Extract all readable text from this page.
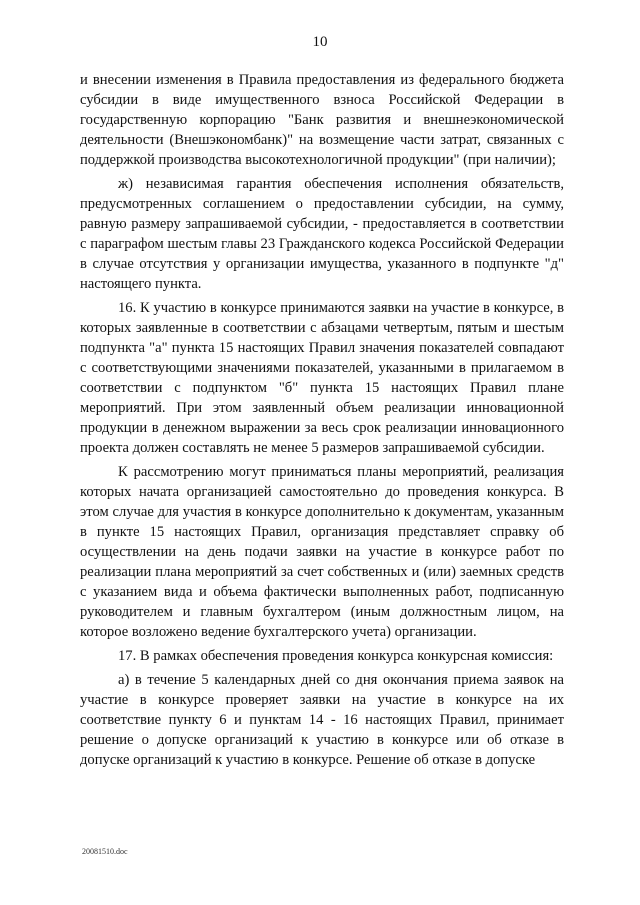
10

и внесении изменения в Правила предоставления из федерального бюджета субсидии в виде имущественного взноса Российской Федерации в государственную корпорацию "Банк развития и внешнеэкономической деятельности (Внешэкономбанк)" на возмещение части затрат, связанных с поддержкой производства высокотехнологичной продукции" (при наличии);

ж) независимая гарантия обеспечения исполнения обязательств, предусмотренных соглашением о предоставлении субсидии, на сумму, равную размеру запрашиваемой субсидии, - предоставляется в соответствии с параграфом шестым главы 23 Гражданского кодекса Российской Федерации в случае отсутствия у организации имущества, указанного в подпункте "д" настоящего пункта.

16. К участию в конкурсе принимаются заявки на участие в конкурсе, в которых заявленные в соответствии с абзацами четвертым, пятым и шестым подпункта "а" пункта 15 настоящих Правил значения показателей совпадают с соответствующими значениями показателей, указанными в прилагаемом в соответствии с подпунктом "б" пункта 15 настоящих Правил плане мероприятий. При этом заявленный объем реализации инновационной продукции в денежном выражении за весь срок реализации инновационного проекта должен составлять не менее 5 размеров запрашиваемой субсидии.

К рассмотрению могут приниматься планы мероприятий, реализация которых начата организацией самостоятельно до проведения конкурса. В этом случае для участия в конкурсе дополнительно к документам, указанным в пункте 15 настоящих Правил, организация представляет справку об осуществлении на день подачи заявки на участие в конкурсе работ по реализации плана мероприятий за счет собственных и (или) заемных средств с указанием вида и объема фактически выполненных работ, подписанную руководителем и главным бухгалтером (иным должностным лицом, на которое возложено ведение бухгалтерского учета) организации.

17. В рамках обеспечения проведения конкурса конкурсная комиссия:

а) в течение 5 календарных дней со дня окончания приема заявок на участие в конкурсе проверяет заявки на участие в конкурсе на их соответствие пункту 6 и пунктам 14 - 16 настоящих Правил, принимает решение о допуске организаций к участию в конкурсе или об отказе в допуске организаций к участию в конкурсе. Решение об отказе в допуске

20081510.doc
